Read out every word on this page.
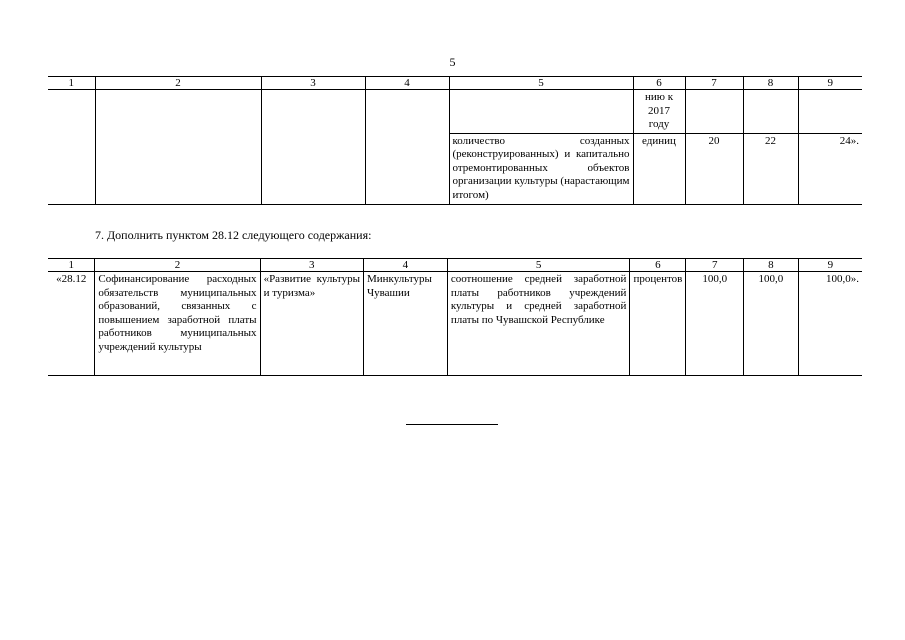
5
1	2	3	4	5	6	7	8	9
					нию к 2017 году			
				количество созданных (реконструированных) и капитально отремонтированных объектов организации культуры (нарастающим итогом)	единиц	20	22	24».
7. Дополнить пунктом 28.12 следующего содержания:
1	2	3	4	5	6	7	8	9
«28.12	Софинансирование расходных обязательств муниципальных образований, связанных с повышением заработной платы работников муниципальных учреждений культуры	«Развитие культуры и туризма»	Минкультуры Чувашии	соотношение средней заработной платы работников учреждений культуры и средней заработной платы по Чувашской Республике	процентов	100,0	100,0	100,0».
